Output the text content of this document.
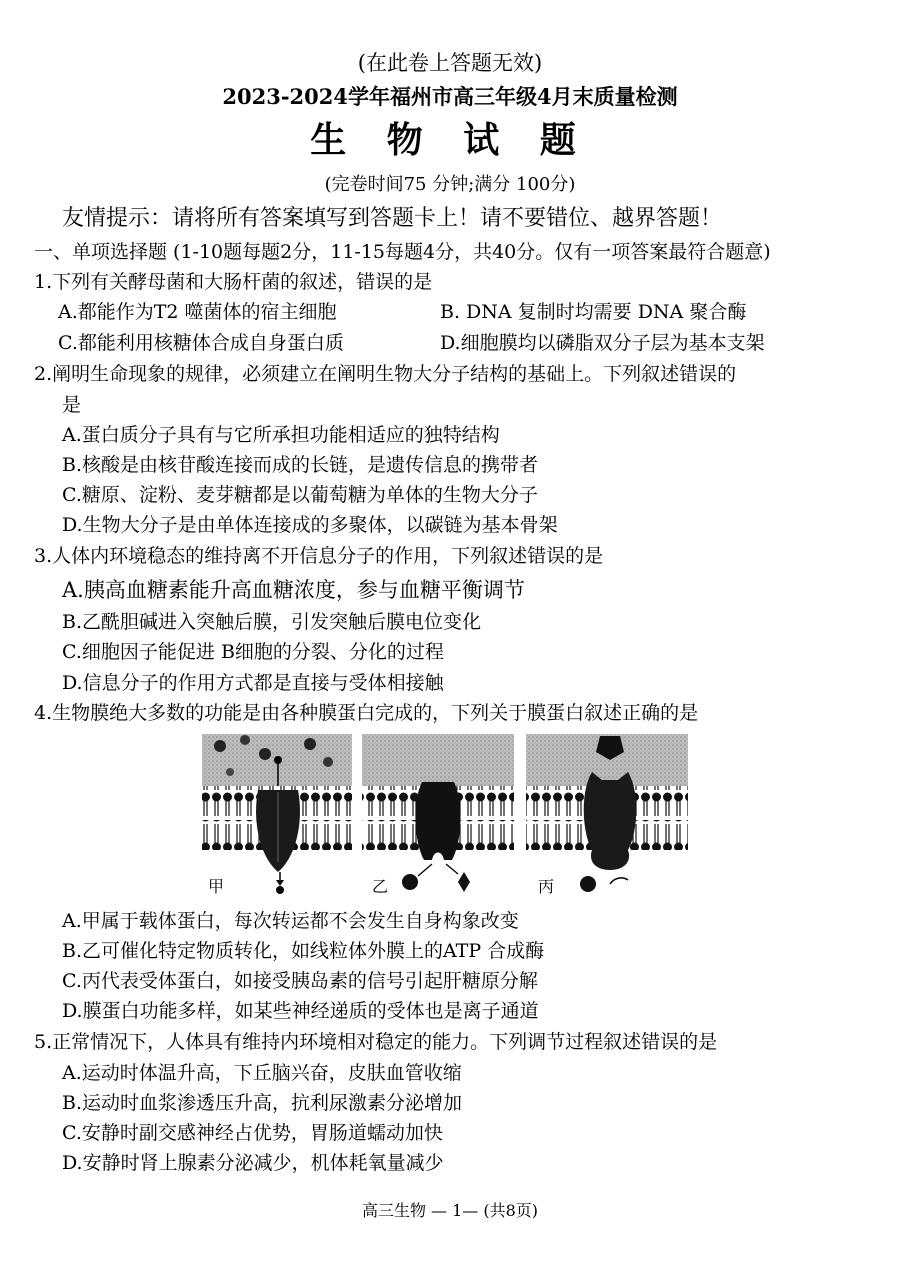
(在此卷上答题无效)
2023-2024学年福州市高三年级4月末质量检测
生 物 试 题
(完卷时间75 分钟;满分 100分)
友情提示：请将所有答案填写到答题卡上！请不要错位、越界答题！
一、单项选择题 (1-10题每题2分，11-15每题4分，共40分。仅有一项答案最符合题意)
1.下列有关酵母菌和大肠杆菌的叙述，错误的是
A.都能作为T2 噬菌体的宿主细胞	B. DNA 复制时均需要 DNA 聚合酶
C.都能利用核糖体合成自身蛋白质	D.细胞膜均以磷脂双分子层为基本支架
2.阐明生命现象的规律，必须建立在阐明生物大分子结构的基础上。下列叙述错误的
是
A.蛋白质分子具有与它所承担功能相适应的独特结构
B.核酸是由核苷酸连接而成的长链，是遗传信息的携带者
C.糖原、淀粉、麦芽糖都是以葡萄糖为单体的生物大分子
D.生物大分子是由单体连接成的多聚体，以碳链为基本骨架
3.人体内环境稳态的维持离不开信息分子的作用，下列叙述错误的是
A.胰高血糖素能升高血糖浓度，参与血糖平衡调节
B.乙酰胆碱进入突触后膜，引发突触后膜电位变化
C.细胞因子能促进 B细胞的分裂、分化的过程
D.信息分子的作用方式都是直接与受体相接触
4.生物膜绝大多数的功能是由各种膜蛋白完成的，下列关于膜蛋白叙述正确的是
甲	乙	丙
A.甲属于载体蛋白，每次转运都不会发生自身构象改变
B.乙可催化特定物质转化，如线粒体外膜上的ATP 合成酶
C.丙代表受体蛋白，如接受胰岛素的信号引起肝糖原分解
D.膜蛋白功能多样，如某些神经递质的受体也是离子通道
5.正常情况下，人体具有维持内环境相对稳定的能力。下列调节过程叙述错误的是
A.运动时体温升高，下丘脑兴奋，皮肤血管收缩
B.运动时血浆渗透压升高，抗利尿激素分泌增加
C.安静时副交感神经占优势，胃肠道蠕动加快
D.安静时肾上腺素分泌减少，机体耗氧量减少
高三生物 — 1— (共8页)
